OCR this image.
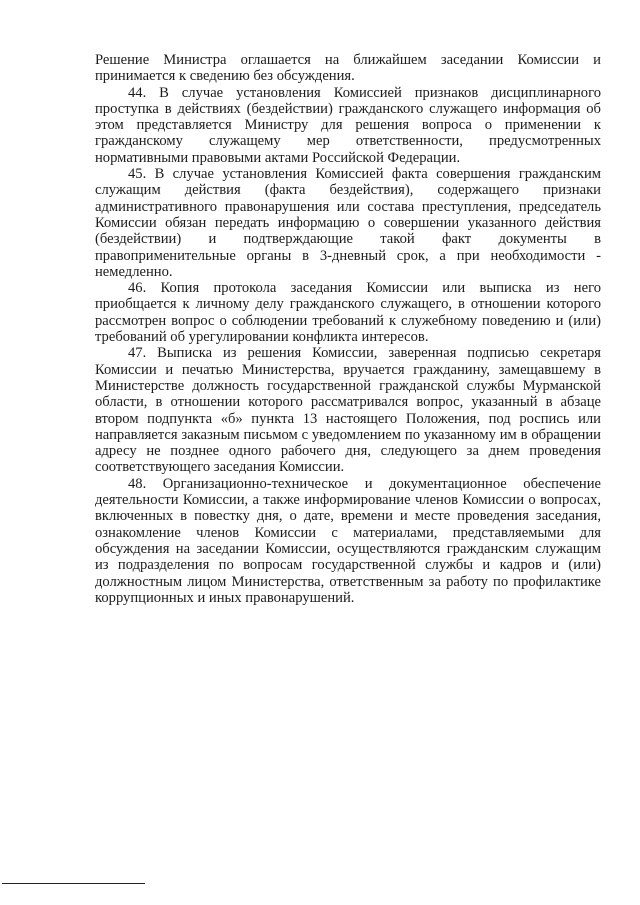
Решение Министра оглашается на ближайшем заседании Комиссии и принимается к сведению без обсуждения.

44. В случае установления Комиссией признаков дисциплинарного проступка в действиях (бездействии) гражданского служащего информация об этом представляется Министру для решения вопроса о применении к гражданскому служащему мер ответственности, предусмотренных нормативными правовыми актами Российской Федерации.

45. В случае установления Комиссией факта совершения гражданским служащим действия (факта бездействия), содержащего признаки административного правонарушения или состава преступления, председатель Комиссии обязан передать информацию о совершении указанного действия (бездействии) и подтверждающие такой факт документы в правоприменительные органы в 3-дневный срок, а при необходимости - немедленно.

46. Копия протокола заседания Комиссии или выписка из него приобщается к личному делу гражданского служащего, в отношении которого рассмотрен вопрос о соблюдении требований к служебному поведению и (или) требований об урегулировании конфликта интересов.

47. Выписка из решения Комиссии, заверенная подписью секретаря Комиссии и печатью Министерства, вручается гражданину, замещавшему в Министерстве должность государственной гражданской службы Мурманской области, в отношении которого рассматривался вопрос, указанный в абзаце втором подпункта «б» пункта 13 настоящего Положения, под роспись или направляется заказным письмом с уведомлением по указанному им в обращении адресу не позднее одного рабочего дня, следующего за днем проведения соответствующего заседания Комиссии.

48. Организационно-техническое и документационное обеспечение деятельности Комиссии, а также информирование членов Комиссии о вопросах, включенных в повестку дня, о дате, времени и месте проведения заседания, ознакомление членов Комиссии с материалами, представляемыми для обсуждения на заседании Комиссии, осуществляются гражданским служащим из подразделения по вопросам государственной службы и кадров и (или) должностным лицом Министерства, ответственным за работу по профилактике коррупционных и иных правонарушений.
